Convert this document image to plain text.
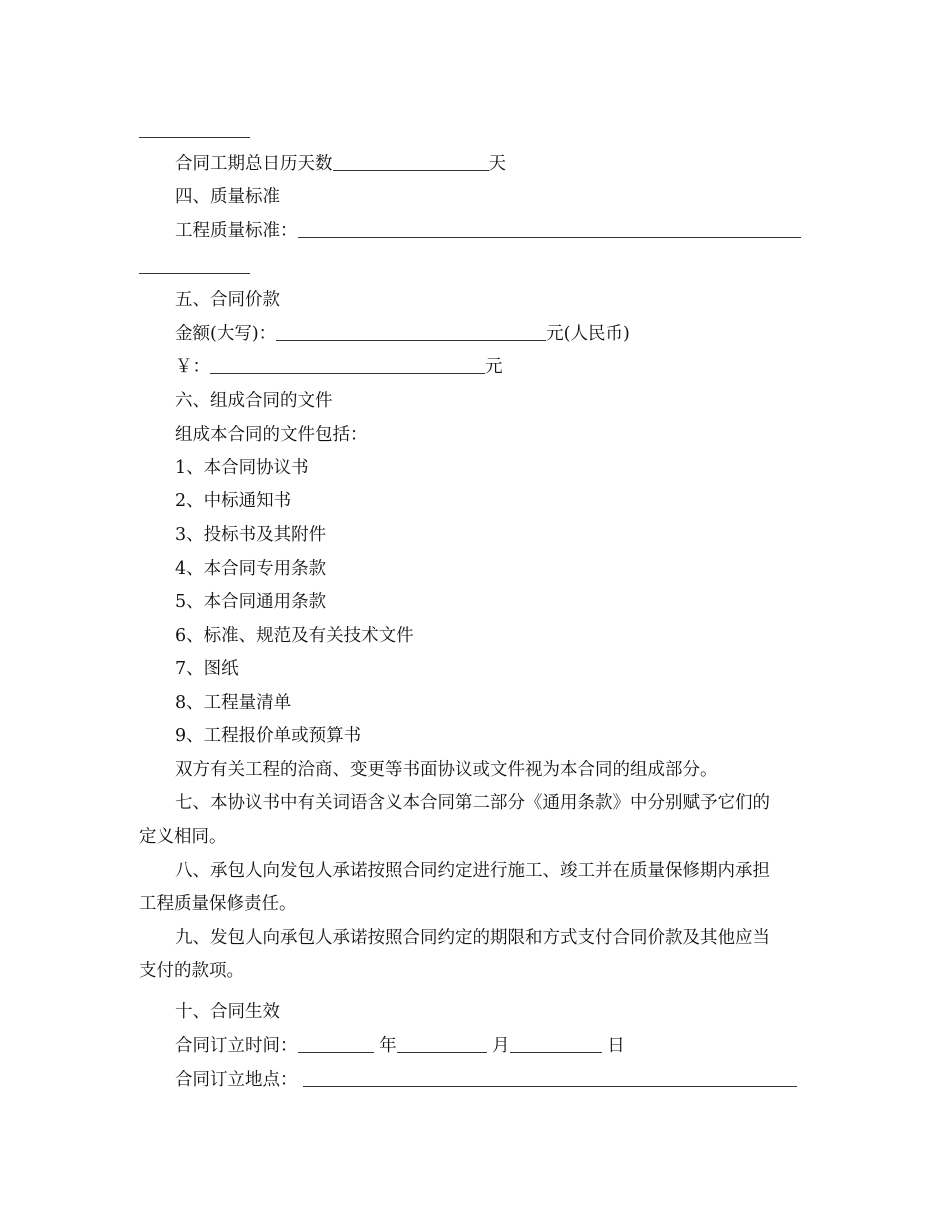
合同工期总日历天数	天
四、质量标准
工程质量标准：
五、合同价款
金额(大写)：	元(人民币)
￥：	元
六、组成合同的文件
组成本合同的文件包括：
1、本合同协议书
2、中标通知书
3、投标书及其附件
4、本合同专用条款
5、本合同通用条款
6、标准、规范及有关技术文件
7、图纸
8、工程量清单
9、工程报价单或预算书
双方有关工程的洽商、变更等书面协议或文件视为本合同的组成部分。
七、本协议书中有关词语含义本合同第二部分《通用条款》中分别赋予它们的
定义相同。
八、承包人向发包人承诺按照合同约定进行施工、竣工并在质量保修期内承担
工程质量保修责任。
九、发包人向承包人承诺按照合同约定的期限和方式支付合同价款及其他应当
支付的款项。
十、合同生效
合同订立时间：	年	月	日
合同订立地点：
